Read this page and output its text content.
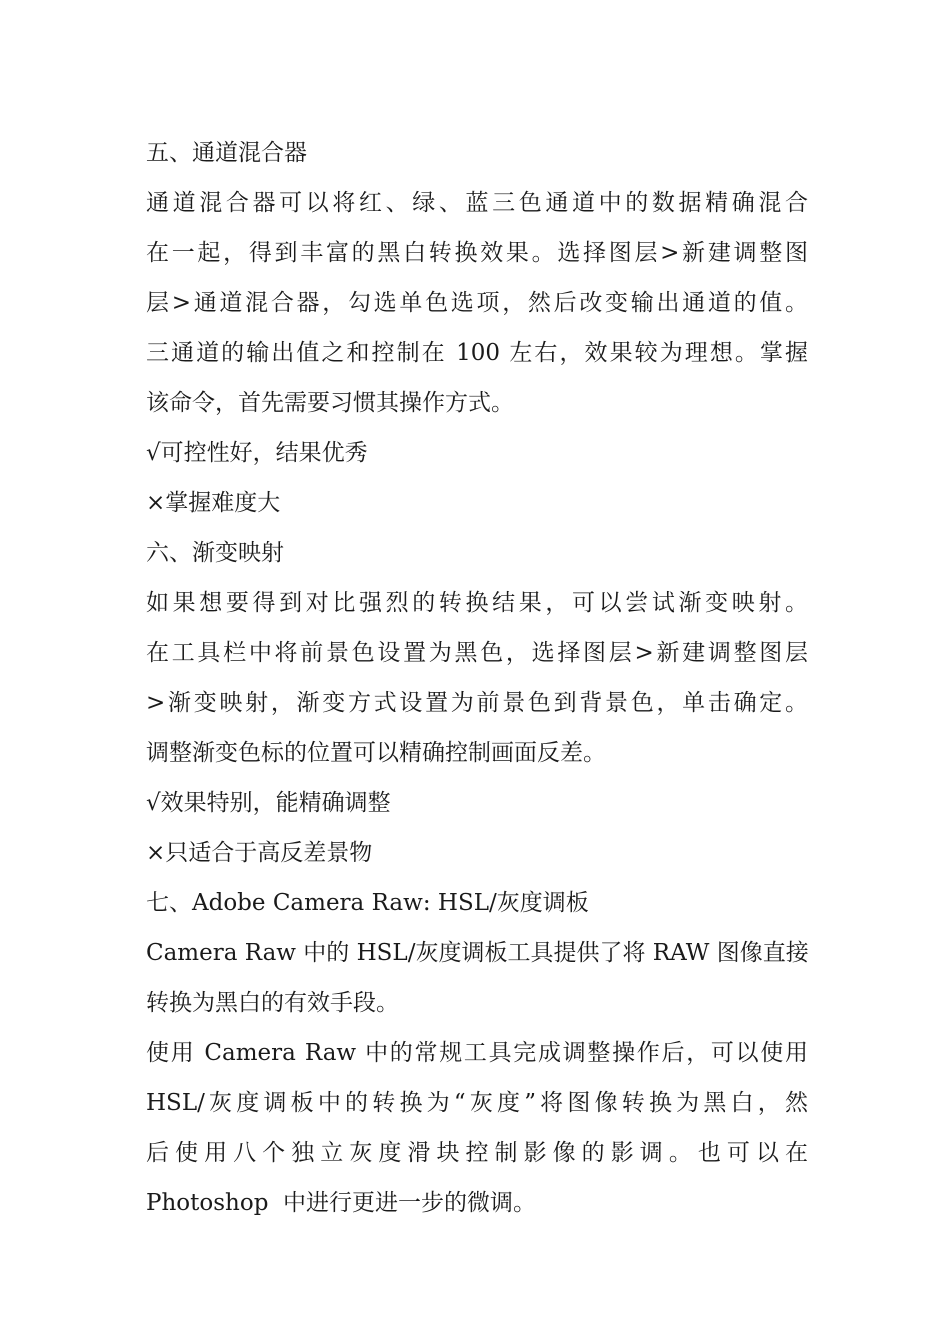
五、通道混合器
通道混合器可以将红、绿、蓝三色通道中的数据精确混合
在一起，得到丰富的黑白转换效果。选择图层>新建调整图
层>通道混合器，勾选单色选项，然后改变输出通道的值。
三通道的输出值之和控制在 100 左右，效果较为理想。掌握
该命令，首先需要习惯其操作方式。
√可控性好，结果优秀
×掌握难度大
六、渐变映射
如果想要得到对比强烈的转换结果，可以尝试渐变映射。
在工具栏中将前景色设置为黑色，选择图层>新建调整图层
>渐变映射，渐变方式设置为前景色到背景色，单击确定。
调整渐变色标的位置可以精确控制画面反差。
√效果特别，能精确调整
×只适合于高反差景物
七、Adobe Camera Raw: HSL/灰度调板
Camera Raw 中的 HSL/灰度调板工具提供了将 RAW 图像直接
转换为黑白的有效手段。
使用 Camera Raw 中的常规工具完成调整操作后，可以使用
HSL/灰度调板中的转换为“灰度”将图像转换为黑白，然
后使用八个独立灰度滑块控制影像的影调。也可以在
Photoshop  中进行更进一步的微调。
